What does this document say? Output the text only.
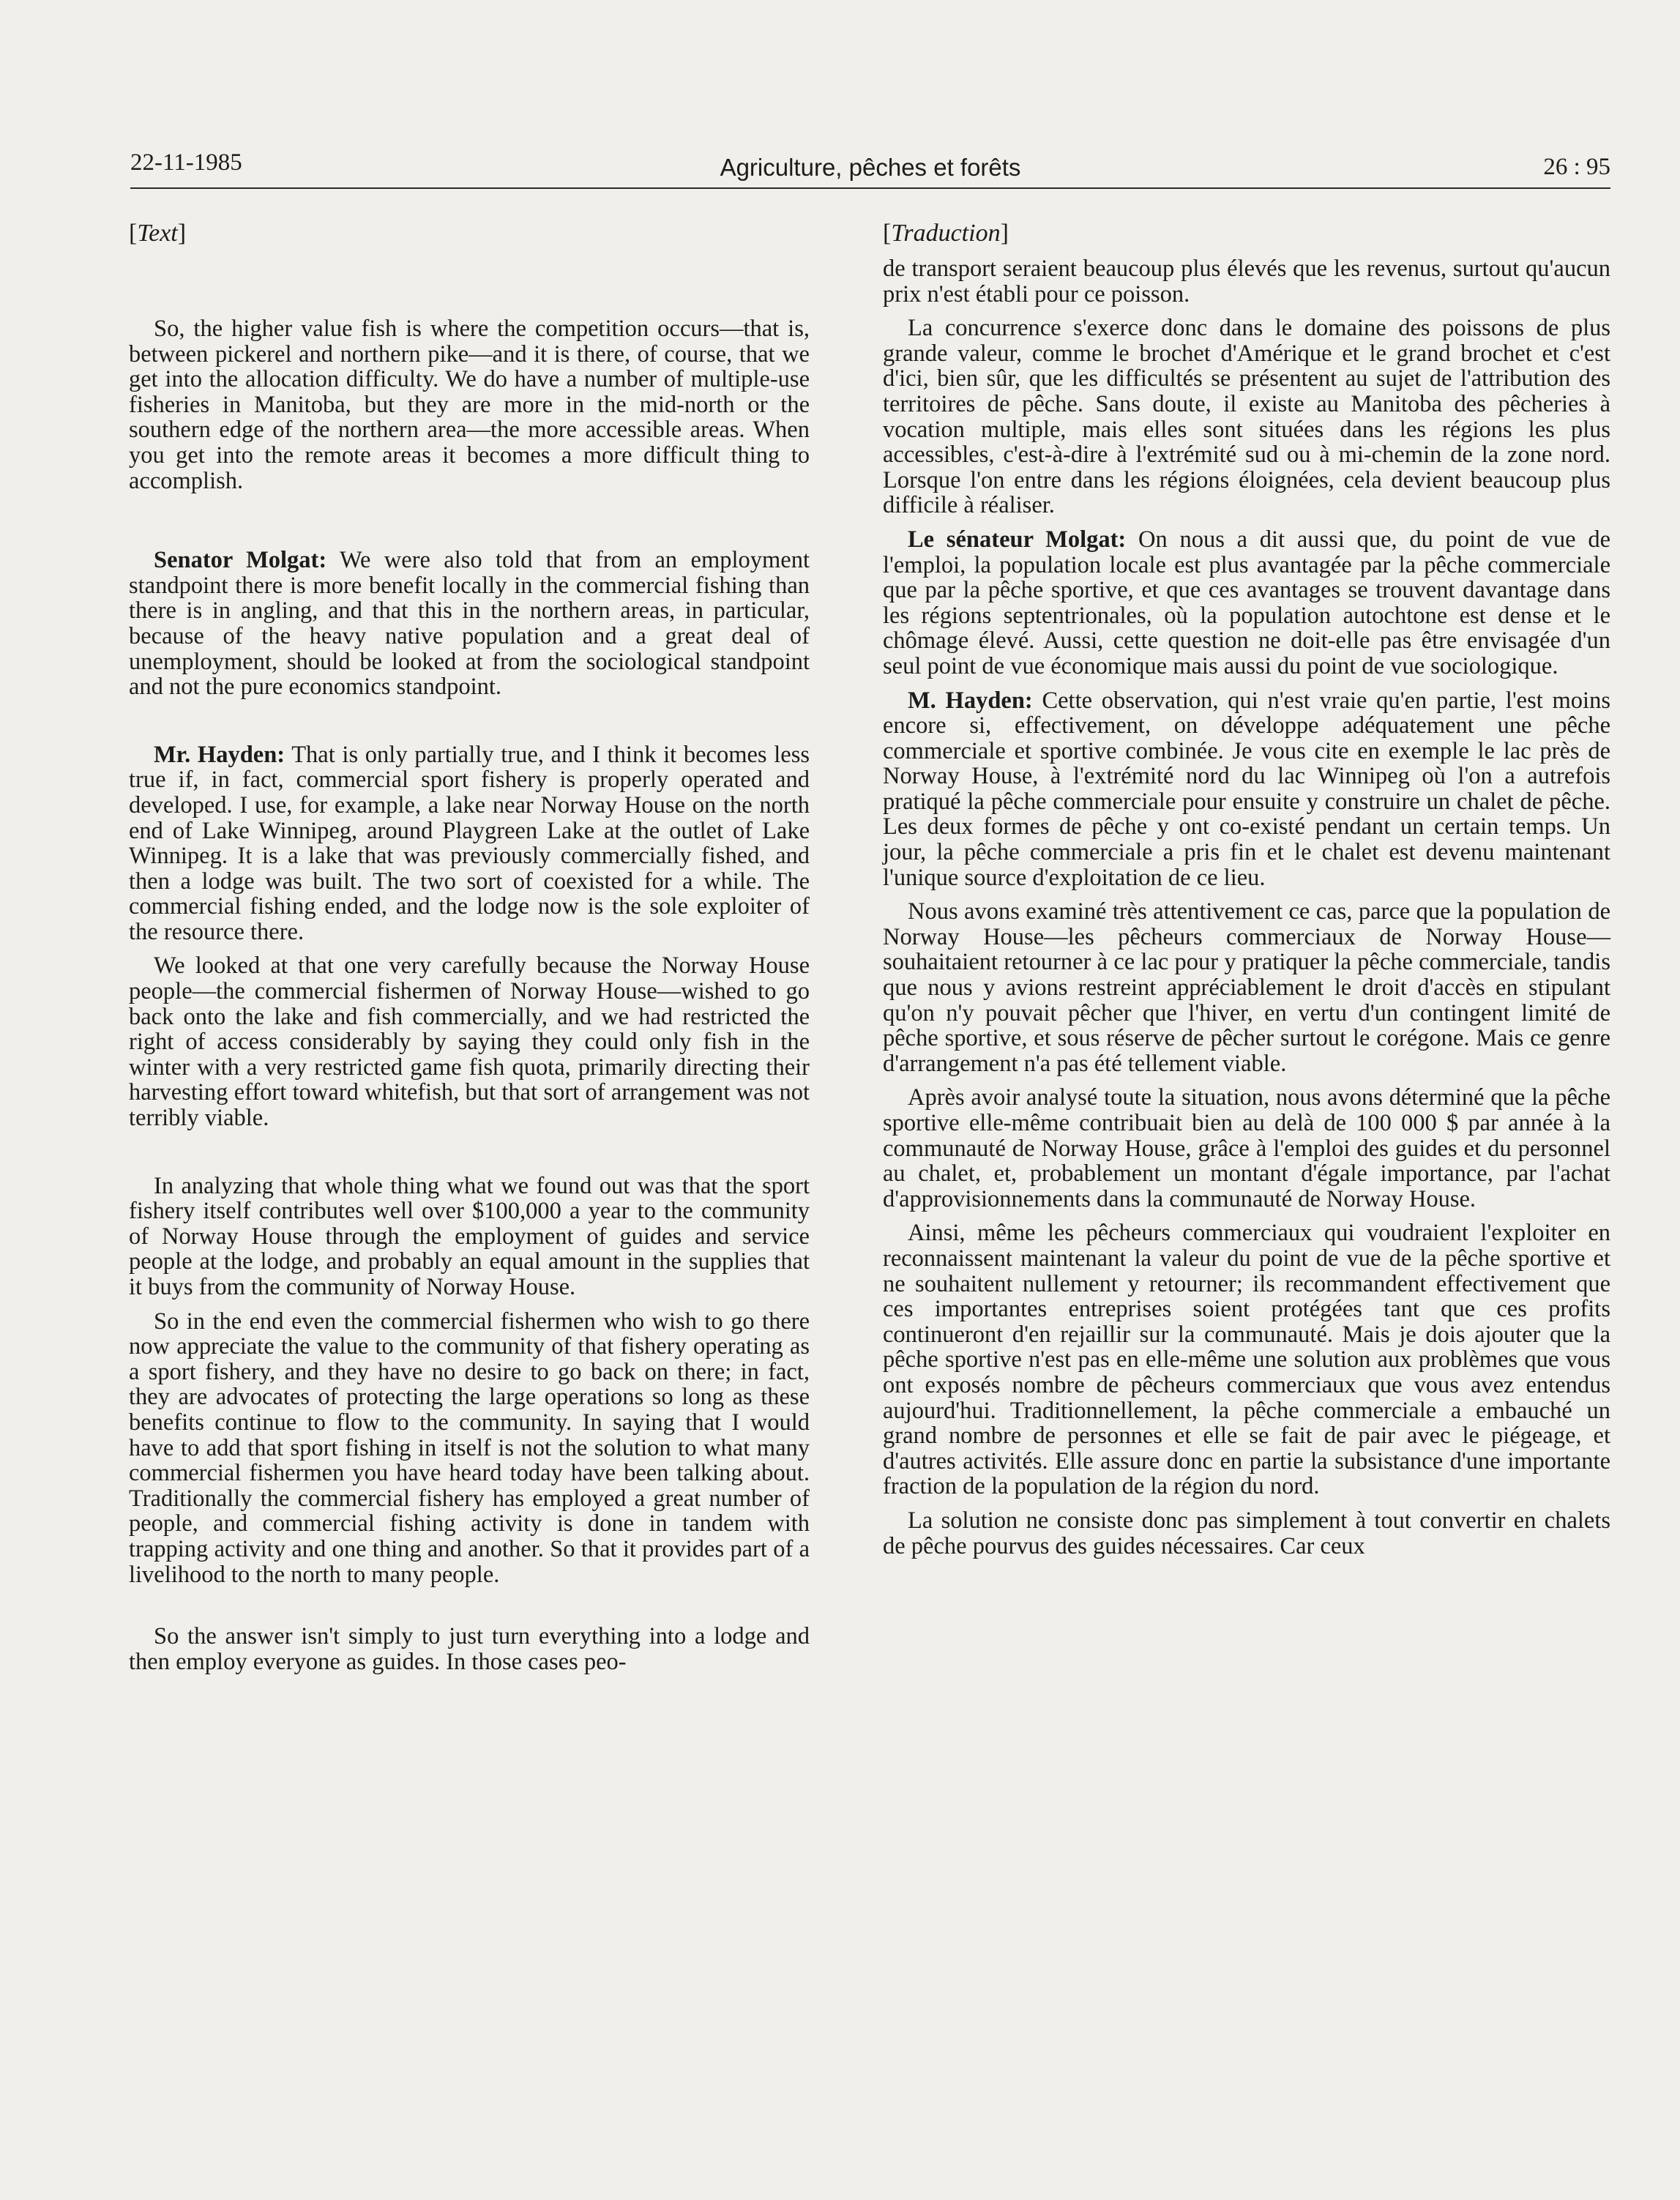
22-11-1985	Agriculture, pêches et forêts	26 : 95
[Text]

So, the higher value fish is where the competition occurs—that is, between pickerel and northern pike—and it is there, of course, that we get into the allocation difficulty. We do have a number of multiple-use fisheries in Manitoba, but they are more in the mid-north or the southern edge of the northern area—the more accessible areas. When you get into the remote areas it becomes a more difficult thing to accomplish.

Senator Molgat: We were also told that from an employment standpoint there is more benefit locally in the commercial fishing than there is in angling, and that this in the northern areas, in particular, because of the heavy native population and a great deal of unemployment, should be looked at from the sociological standpoint and not the pure economics standpoint.

Mr. Hayden: That is only partially true, and I think it becomes less true if, in fact, commercial sport fishery is properly operated and developed. I use, for example, a lake near Norway House on the north end of Lake Winnipeg, around Playgreen Lake at the outlet of Lake Winnipeg. It is a lake that was previously commercially fished, and then a lodge was built. The two sort of coexisted for a while. The commercial fishing ended, and the lodge now is the sole exploiter of the resource there.

We looked at that one very carefully because the Norway House people—the commercial fishermen of Norway House—wished to go back onto the lake and fish commercially, and we had restricted the right of access considerably by saying they could only fish in the winter with a very restricted game fish quota, primarily directing their harvesting effort toward whitefish, but that sort of arrangement was not terribly viable.

In analyzing that whole thing what we found out was that the sport fishery itself contributes well over $100,000 a year to the community of Norway House through the employment of guides and service people at the lodge, and probably an equal amount in the supplies that it buys from the community of Norway House.

So in the end even the commercial fishermen who wish to go there now appreciate the value to the community of that fishery operating as a sport fishery, and they have no desire to go back on there; in fact, they are advocates of protecting the large operations so long as these benefits continue to flow to the community. In saying that I would have to add that sport fishing in itself is not the solution to what many commercial fishermen you have heard today have been talking about. Traditionally the commercial fishery has employed a great number of people, and commercial fishing activity is done in tandem with trapping activity and one thing and another. So that it provides part of a livelihood to the north to many people.

So the answer isn't simply to just turn everything into a lodge and then employ everyone as guides. In those cases peo-

[Traduction]

de transport seraient beaucoup plus élevés que les revenus, surtout qu'aucun prix n'est établi pour ce poisson.

La concurrence s'exerce donc dans le domaine des poissons de plus grande valeur, comme le brochet d'Amérique et le grand brochet et c'est d'ici, bien sûr, que les difficultés se présentent au sujet de l'attribution des territoires de pêche. Sans doute, il existe au Manitoba des pêcheries à vocation multiple, mais elles sont situées dans les régions les plus accessibles, c'est-à-dire à l'extrémité sud ou à mi-chemin de la zone nord. Lorsque l'on entre dans les régions éloignées, cela devient beaucoup plus difficile à réaliser.

Le sénateur Molgat: On nous a dit aussi que, du point de vue de l'emploi, la population locale est plus avantagée par la pêche commerciale que par la pêche sportive, et que ces avantages se trouvent davantage dans les régions septentrionales, où la population autochtone est dense et le chômage élevé. Aussi, cette question ne doit-elle pas être envisagée d'un seul point de vue économique mais aussi du point de vue sociologique.

M. Hayden: Cette observation, qui n'est vraie qu'en partie, l'est moins encore si, effectivement, on développe adéquatement une pêche commerciale et sportive combinée. Je vous cite en exemple le lac près de Norway House, à l'extrémité nord du lac Winnipeg où l'on a autrefois pratiqué la pêche commerciale pour ensuite y construire un chalet de pêche. Les deux formes de pêche y ont co-existé pendant un certain temps. Un jour, la pêche commerciale a pris fin et le chalet est devenu maintenant l'unique source d'exploitation de ce lieu.

Nous avons examiné très attentivement ce cas, parce que la population de Norway House—les pêcheurs commerciaux de Norway House—souhaitaient retourner à ce lac pour y pratiquer la pêche commerciale, tandis que nous y avions restreint appréciablement le droit d'accès en stipulant qu'on n'y pouvait pêcher que l'hiver, en vertu d'un contingent limité de pêche sportive, et sous réserve de pêcher surtout le corégone. Mais ce genre d'arrangement n'a pas été tellement viable.

Après avoir analysé toute la situation, nous avons déterminé que la pêche sportive elle-même contribuait bien au delà de 100 000 $ par année à la communauté de Norway House, grâce à l'emploi des guides et du personnel au chalet, et, probablement un montant d'égale importance, par l'achat d'approvisionnements dans la communauté de Norway House.

Ainsi, même les pêcheurs commerciaux qui voudraient l'exploiter en reconnaissent maintenant la valeur du point de vue de la pêche sportive et ne souhaitent nullement y retourner; ils recommandent effectivement que ces importantes entreprises soient protégées tant que ces profits continueront d'en rejaillir sur la communauté. Mais je dois ajouter que la pêche sportive n'est pas en elle-même une solution aux problèmes que vous ont exposés nombre de pêcheurs commerciaux que vous avez entendus aujourd'hui. Traditionnellement, la pêche commerciale a embauché un grand nombre de personnes et elle se fait de pair avec le piégeage, et d'autres activités. Elle assure donc en partie la subsistance d'une importante fraction de la population de la région du nord.

La solution ne consiste donc pas simplement à tout convertir en chalets de pêche pourvus des guides nécessaires. Car ceux
